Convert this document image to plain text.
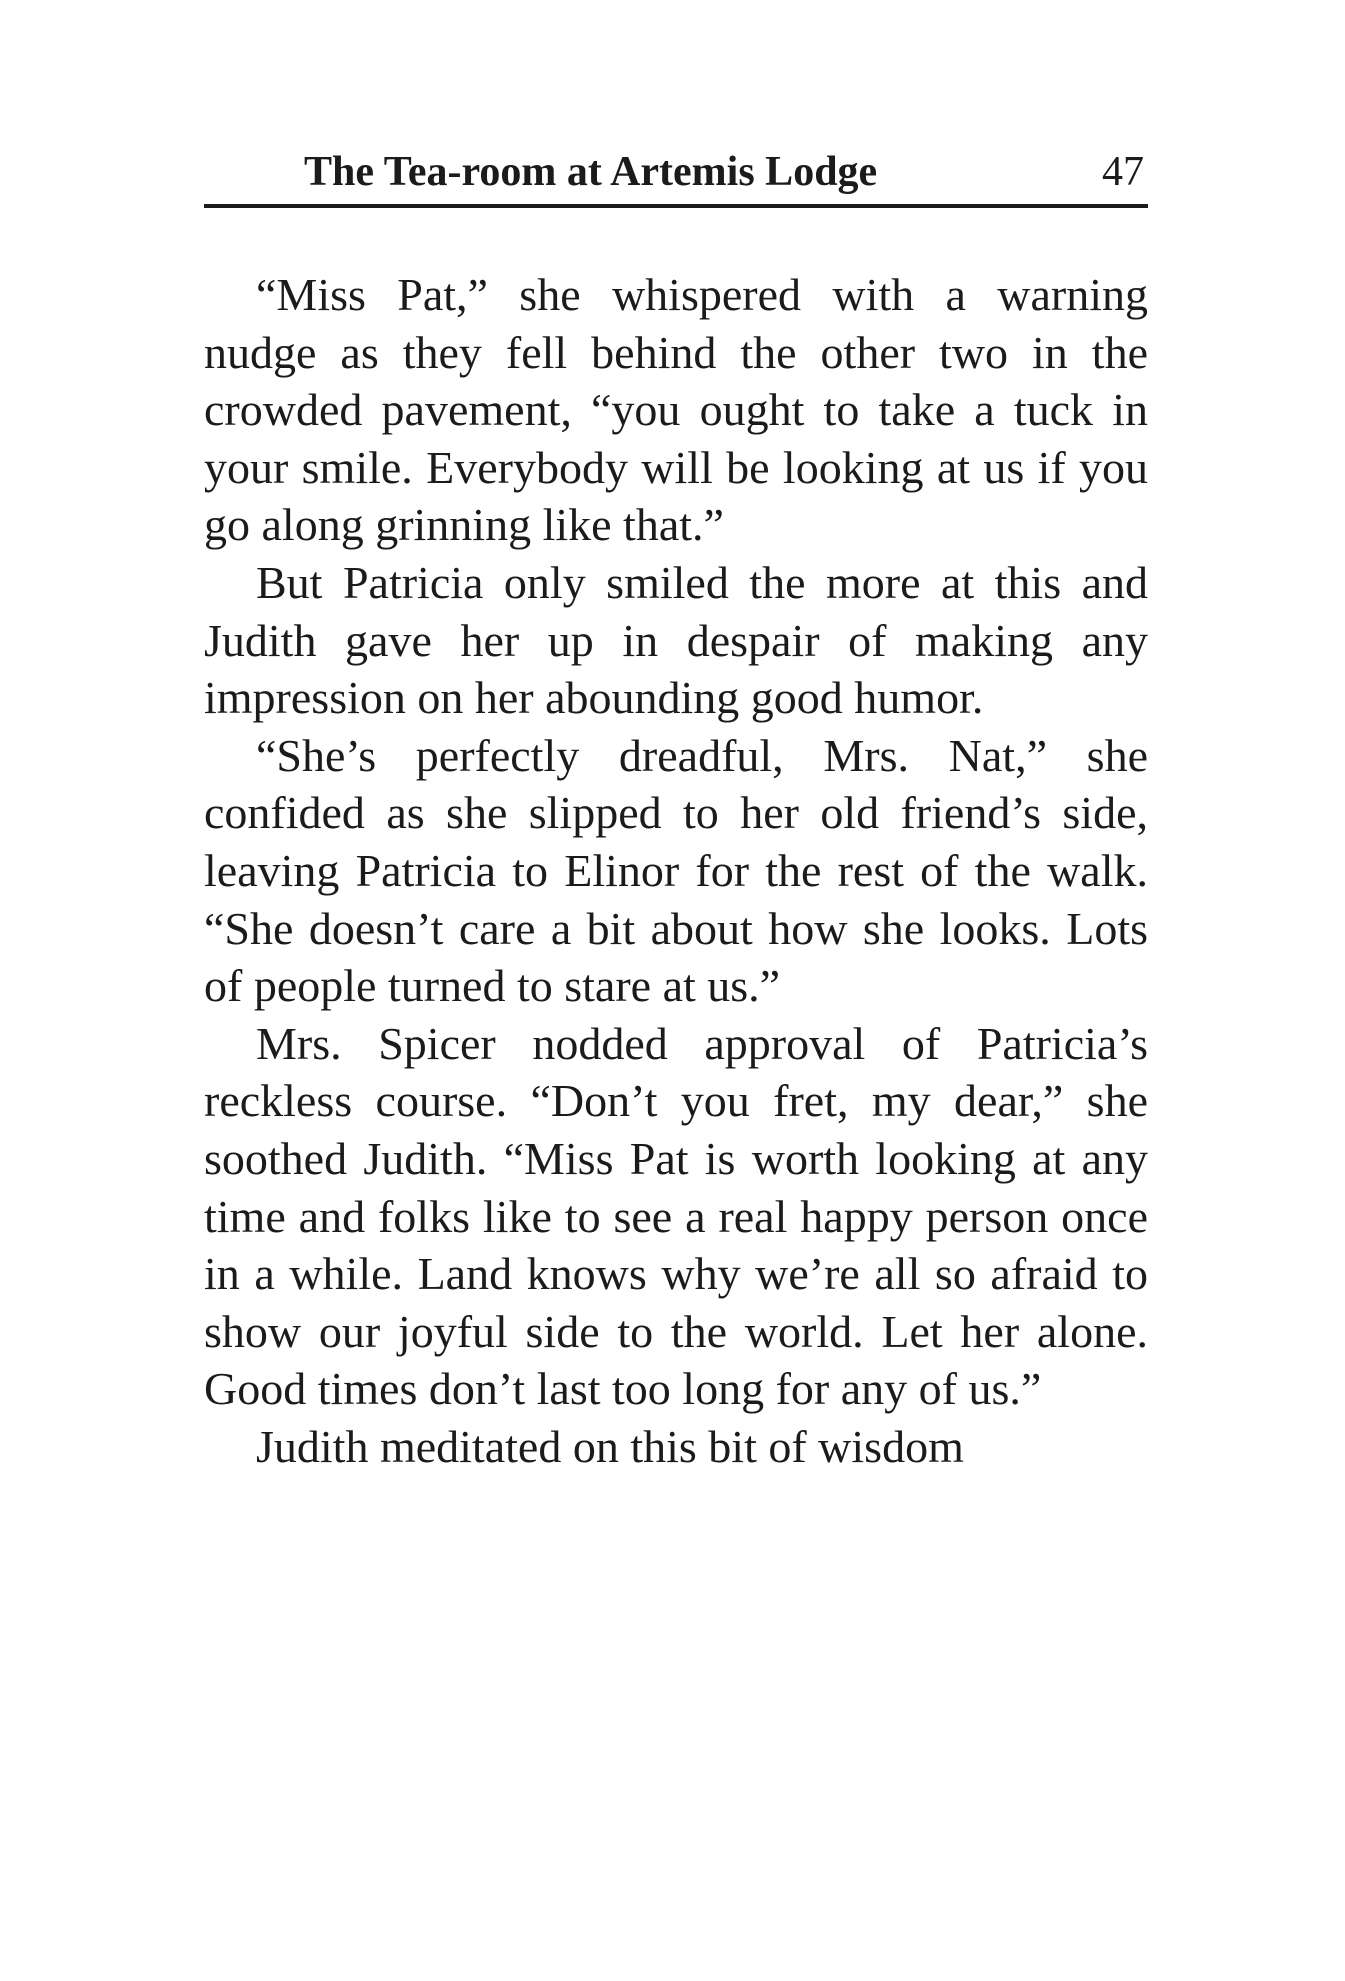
The Tea-room at Artemis Lodge	47

“Miss Pat,” she whispered with a warning nudge as they fell behind the other two in the crowded pavement, “you ought to take a tuck in your smile. Everybody will be looking at us if you go along grinning like that.”

But Patricia only smiled the more at this and Judith gave her up in despair of making any impression on her abounding good humor.

“She’s perfectly dreadful, Mrs. Nat,” she confided as she slipped to her old friend’s side, leaving Patricia to Elinor for the rest of the walk. “She doesn’t care a bit about how she looks. Lots of people turned to stare at us.”

Mrs. Spicer nodded approval of Patricia’s reckless course. “Don’t you fret, my dear,” she soothed Judith. “Miss Pat is worth looking at any time and folks like to see a real happy person once in a while. Land knows why we’re all so afraid to show our joyful side to the world. Let her alone. Good times don’t last too long for any of us.”

Judith meditated on this bit of wisdom
